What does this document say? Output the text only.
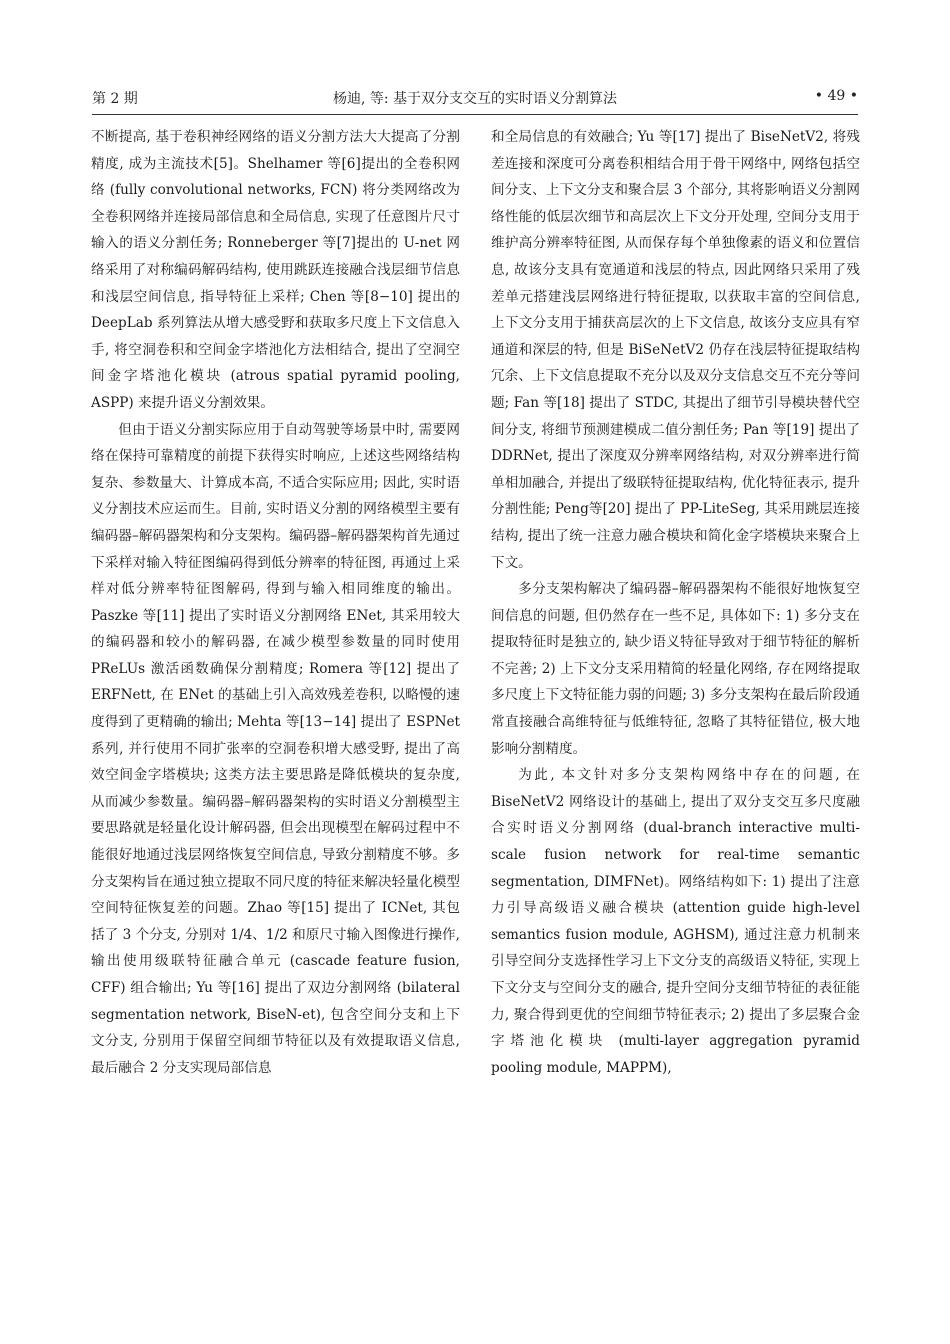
第 2 期	杨迪, 等: 基于双分支交互的实时语义分割算法	• 49 •

不断提高, 基于卷积神经网络的语义分割方法大大提高了分割精度, 成为主流技术[5]。Shelhamer 等[6]提出的全卷积网络 (fully convolutional networks, FCN) 将分类网络改为全卷积网络并连接局部信息和全局信息, 实现了任意图片尺寸输入的语义分割任务; Ronneberger 等[7]提出的 U-net 网络采用了对称编码解码结构, 使用跳跃连接融合浅层细节信息和浅层空间信息, 指导特征上采样; Chen 等[8−10] 提出的 DeepLab 系列算法从增大感受野和获取多尺度上下文信息入手, 将空洞卷积和空间金字塔池化方法相结合, 提出了空洞空间金字塔池化模块 (atrous spatial pyramid pooling, ASPP) 来提升语义分割效果。

但由于语义分割实际应用于自动驾驶等场景中时, 需要网络在保持可靠精度的前提下获得实时响应, 上述这些网络结构复杂、参数量大、计算成本高, 不适合实际应用; 因此, 实时语义分割技术应运而生。目前, 实时语义分割的网络模型主要有编码器–解码器架构和分支架构。编码器–解码器架构首先通过下采样对输入特征图编码得到低分辨率的特征图, 再通过上采样对低分辨率特征图解码, 得到与输入相同维度的输出。Paszke 等[11] 提出了实时语义分割网络 ENet, 其采用较大的编码器和较小的解码器, 在减少模型参数量的同时使用 PReLUs 激活函数确保分割精度; Romera 等[12] 提出了 ERFNett, 在 ENet 的基础上引入高效残差卷积, 以略慢的速度得到了更精确的输出; Mehta 等[13−14] 提出了 ESPNet 系列, 并行使用不同扩张率的空洞卷积增大感受野, 提出了高效空间金字塔模块; 这类方法主要思路是降低模块的复杂度, 从而减少参数量。编码器–解码器架构的实时语义分割模型主要思路就是轻量化设计解码器, 但会出现模型在解码过程中不能很好地通过浅层网络恢复空间信息, 导致分割精度不够。多分支架构旨在通过独立提取不同尺度的特征来解决轻量化模型空间特征恢复差的问题。Zhao 等[15] 提出了 ICNet, 其包括了 3 个分支, 分别对 1/4、1/2 和原尺寸输入图像进行操作, 输出使用级联特征融合单元 (cascade feature fusion, CFF) 组合输出; Yu 等[16] 提出了双边分割网络 (bilateral segmentation network, BiseN-et), 包含空间分支和上下文分支, 分别用于保留空间细节特征以及有效提取语义信息, 最后融合 2 分支实现局部信息

和全局信息的有效融合; Yu 等[17] 提出了 BiseNetV2, 将残差连接和深度可分离卷积相结合用于骨干网络中, 网络包括空间分支、上下文分支和聚合层 3 个部分, 其将影响语义分割网络性能的低层次细节和高层次上下文分开处理, 空间分支用于维护高分辨率特征图, 从而保存每个单独像素的语义和位置信息, 故该分支具有宽通道和浅层的特点, 因此网络只采用了残差单元搭建浅层网络进行特征提取, 以获取丰富的空间信息, 上下文分支用于捕获高层次的上下文信息, 故该分支应具有窄通道和深层的特, 但是 BiSeNetV2 仍存在浅层特征提取结构冗余、上下文信息提取不充分以及双分支信息交互不充分等问题; Fan 等[18] 提出了 STDC, 其提出了细节引导模块替代空间分支, 将细节预测建模成二值分割任务; Pan 等[19] 提出了 DDRNet, 提出了深度双分辨率网络结构, 对双分辨率进行简单相加融合, 并提出了级联特征提取结构, 优化特征表示, 提升分割性能; Peng等[20] 提出了 PP-LiteSeg, 其采用跳层连接结构, 提出了统一注意力融合模块和简化金字塔模块来聚合上下文。

多分支架构解决了编码器–解码器架构不能很好地恢复空间信息的问题, 但仍然存在一些不足, 具体如下: 1) 多分支在提取特征时是独立的, 缺少语义特征导致对于细节特征的解析不完善; 2) 上下文分支采用精简的轻量化网络, 存在网络提取多尺度上下文特征能力弱的问题; 3) 多分支架构在最后阶段通常直接融合高维特征与低维特征, 忽略了其特征错位, 极大地影响分割精度。

为此, 本文针对多分支架构网络中存在的问题, 在 BiseNetV2 网络设计的基础上, 提出了双分支交互多尺度融合实时语义分割网络 (dual-branch interactive multi-scale fusion network for real-time semantic segmentation, DIMFNet)。网络结构如下: 1) 提出了注意力引导高级语义融合模块 (attention guide high-level semantics fusion module, AGHSM), 通过注意力机制来引导空间分支选择性学习上下文分支的高级语义特征, 实现上下文分支与空间分支的融合, 提升空间分支细节特征的表征能力, 聚合得到更优的空间细节特征表示; 2) 提出了多层聚合金字塔池化模块 (multi-layer aggregation pyramid pooling module, MAPPM),
